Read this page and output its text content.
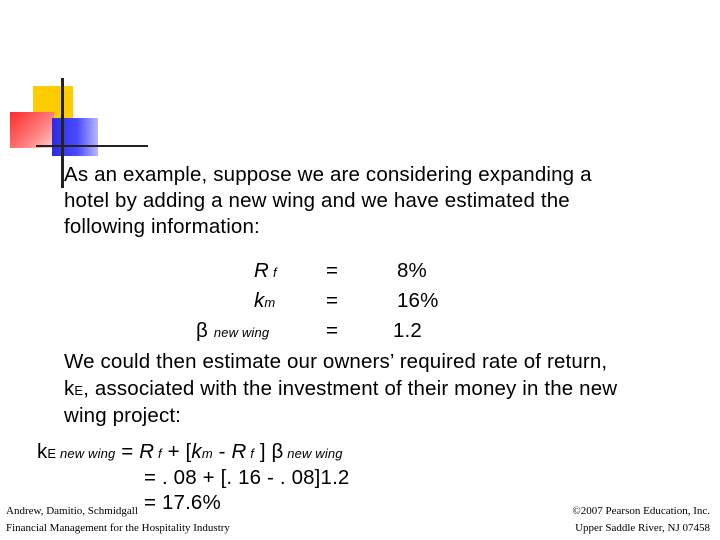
As an example, suppose we are considering expanding a
hotel by adding a new wing and we have estimated the
following information:
Rf =	8%
km =	16%
β new wing	=	1.2
We could then estimate our owners’ required rate of return,
kE, associated with the investment of their money in the new
wing project:
kE new wing = R f + [km - R f ] β new wing
= . 08 + [. 16 - . 08]1.2
= 17.6%
Andrew, Damitio, Schmidgall
Financial Management for the Hospitality Industry
©2007 Pearson Education, Inc.
Upper Saddle River, NJ 07458
